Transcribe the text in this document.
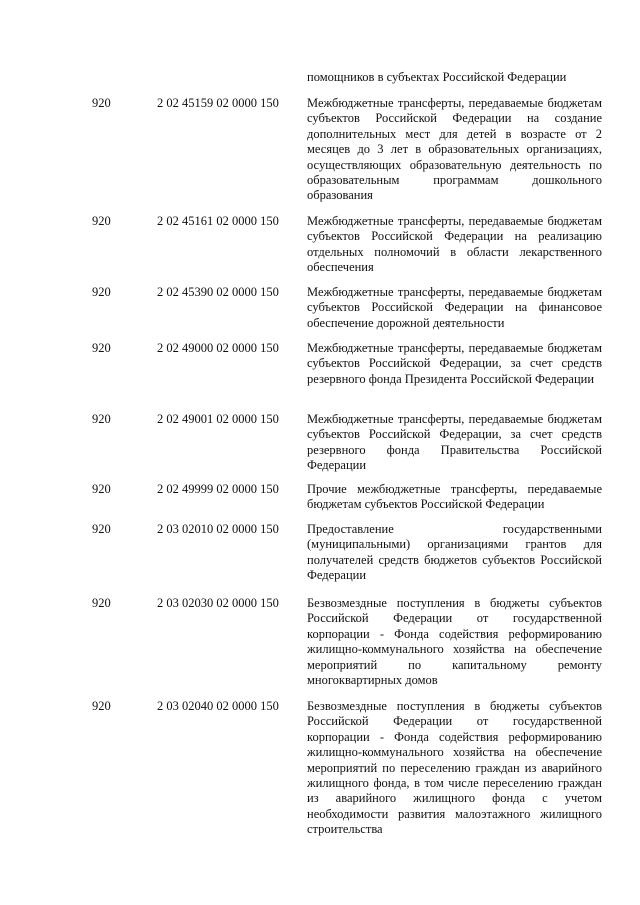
помощников в субъектах Российской Федерации
920	2 02 45159 02 0000 150	Межбюджетные трансферты, передаваемые бюджетам субъектов Российской Федерации на создание дополнительных мест для детей в возрасте от 2 месяцев до 3 лет в образовательных организациях, осуществляющих образовательную деятельность по образовательным программам дошкольного образования
920	2 02 45161 02 0000 150	Межбюджетные трансферты, передаваемые бюджетам субъектов Российской Федерации на реализацию отдельных полномочий в области лекарственного обеспечения
920	2 02 45390 02 0000 150	Межбюджетные трансферты, передаваемые бюджетам субъектов Российской Федерации на финансовое обеспечение дорожной деятельности
920	2 02 49000 02 0000 150	Межбюджетные трансферты, передаваемые бюджетам субъектов Российской Федерации, за счет средств резервного фонда Президента Российской Федерации
920	2 02 49001 02 0000 150	Межбюджетные трансферты, передаваемые бюджетам субъектов Российской Федерации, за счет средств резервного фонда Правительства Российской Федерации
920	2 02 49999 02 0000 150	Прочие межбюджетные трансферты, передаваемые бюджетам субъектов Российской Федерации
920	2 03 02010 02 0000 150	Предоставление государственными (муниципальными) организациями грантов для получателей средств бюджетов субъектов Российской Федерации
920	2 03 02030 02 0000 150	Безвозмездные поступления в бюджеты субъектов Российской Федерации от государственной корпорации - Фонда содействия реформированию жилищно-коммунального хозяйства на обеспечение мероприятий по капитальному ремонту многоквартирных домов
920	2 03 02040 02 0000 150	Безвозмездные поступления в бюджеты субъектов Российской Федерации от государственной корпорации - Фонда содействия реформированию жилищно-коммунального хозяйства на обеспечение мероприятий по переселению граждан из аварийного жилищного фонда, в том числе переселению граждан из аварийного жилищного фонда с учетом необходимости развития малоэтажного жилищного строительства
